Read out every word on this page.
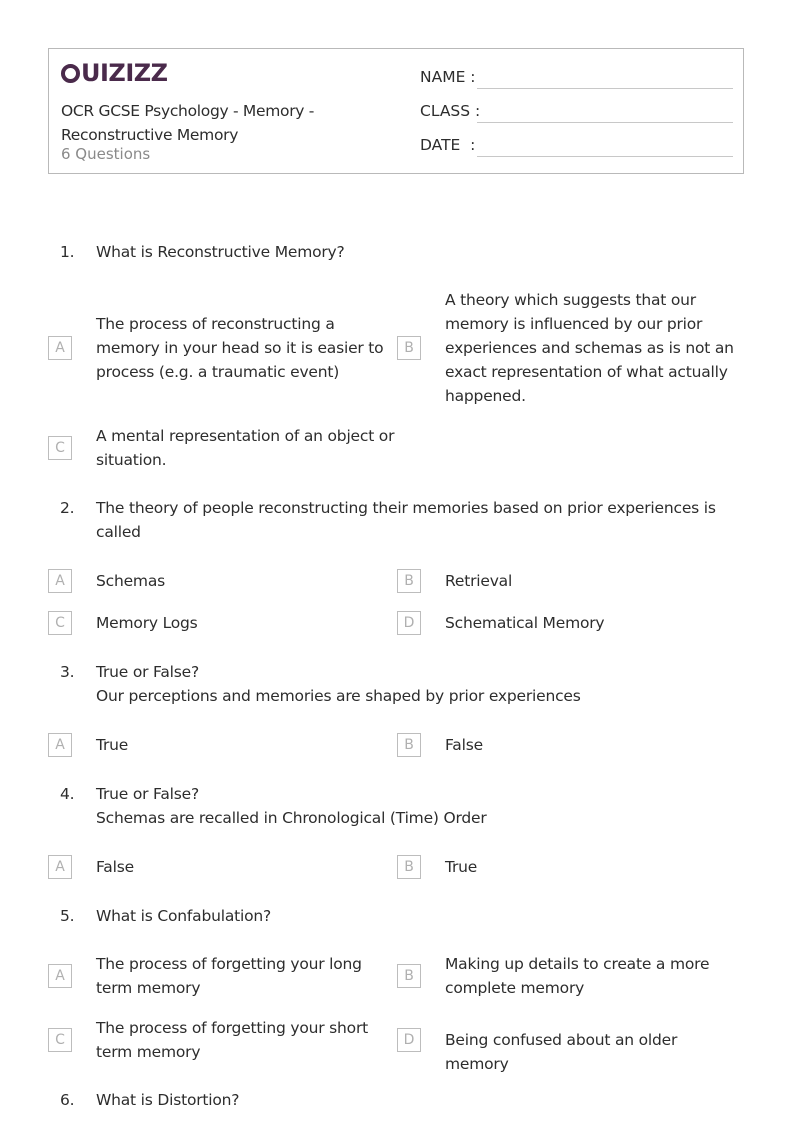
UIZIZZ
OCR GCSE Psychology - Memory - Reconstructive Memory
6 Questions
NAME :
CLASS :
DATE  :
1. What is Reconstructive Memory?
A
The process of reconstructing a memory in your head so it is easier to process (e.g. a traumatic event)
B
A theory which suggests that our memory is influenced by our prior experiences and schemas as is not an exact representation of what actually happened.
C
A mental representation of an object or situation.
2. The theory of people reconstructing their memories based on prior experiences is called
A	Schemas	B	Retrieval
C	Memory Logs	D	Schematical Memory
3. True or False?
Our perceptions and memories are shaped by prior experiences
A	True	B	False
4. True or False?
Schemas are recalled in Chronological (Time) Order
A	False	B	True
5. What is Confabulation?
A
The process of forgetting your long term memory
B
Making up details to create a more complete memory
C
The process of forgetting your short term memory
D	Being confused about an older memory
6. What is Distortion?
